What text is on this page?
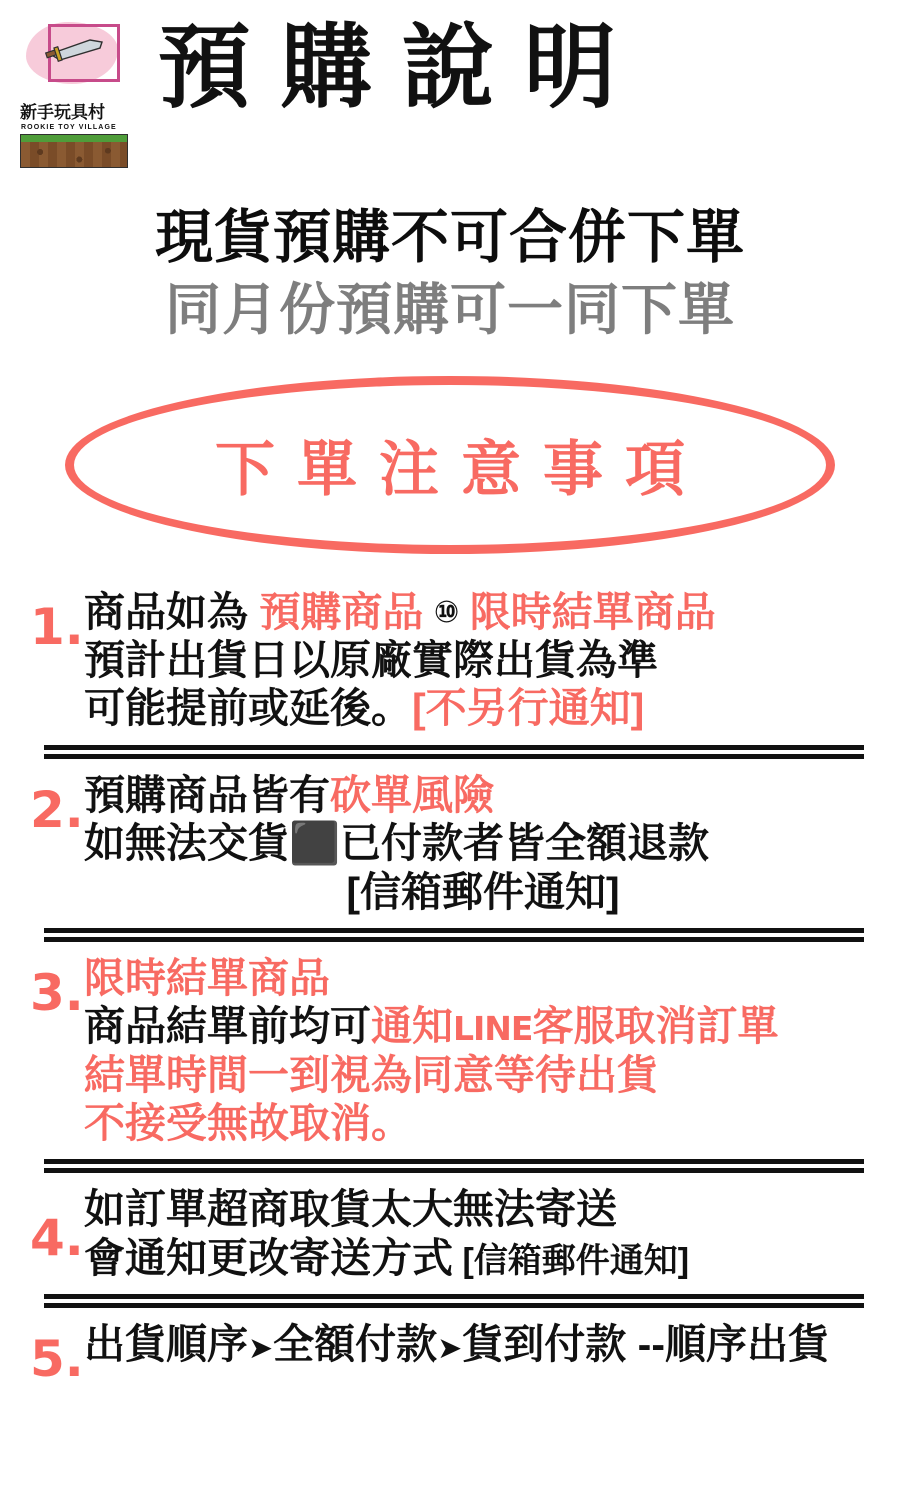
新手玩具村
ROOKIE TOY VILLAGE
預購說明
現貨預購不可合併下單
同月份預購可一同下單
下單注意事項
1. 商品如為 預購商品 ⑩ 限時結單商品
預計出貨日以原廠實際出貨為準
可能提前或延後。[不另行通知]
2. 預購商品皆有砍單風險
如無法交貨⬛已付款者皆全額退款
[信箱郵件通知]
3. 限時結單商品
商品結單前均可通知LINE客服取消訂單
結單時間一到視為同意等待出貨
不接受無故取消。
4. 如訂單超商取貨太大無法寄送
會通知更改寄送方式 [信箱郵件通知]
5. 出貨順序➤全額付款➤貨到付款 --順序出貨
